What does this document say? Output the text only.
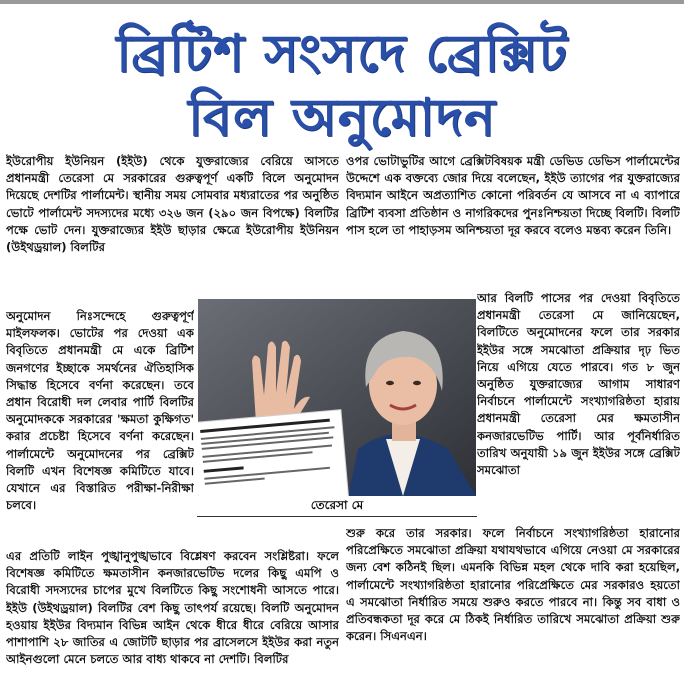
ব্রিটিশ সংসদে ব্রেক্সিট
বিল অনুমোদন

ইউরোপীয় ইউনিয়ন (ইইউ) থেকে যুক্তরাজ্যের বেরিয়ে আসতে প্রধানমন্ত্রী তেরেসা মে সরকারের গুরুত্বপূর্ণ একটি বিলে অনুমোদন দিয়েছে দেশটির পার্লামেন্ট। স্থানীয় সময় সোমবার মধ্যরাতের পর অনুষ্ঠিত ভোটে পার্লামেন্ট সদস্যদের মধ্যে ৩২৬ জন (২৯০ জন বিপক্ষে) বিলটির পক্ষে ভোট দেন। যুক্তরাজ্যের ইইউ ছাড়ার ক্ষেত্রে ইউরোপীয় ইউনিয়ন (উইথড্রয়াল) বিলটির

অনুমোদন নিঃসন্দেহে গুরুত্বপূর্ণ মাইলফলক। ভোটের পর দেওয়া এক বিবৃতিতে প্রধানমন্ত্রী মে একে ব্রিটিশ জনগণের ইচ্ছাকে সমর্থনের ঐতিহাসিক সিদ্ধান্ত হিসেবে বর্ণনা করেছেন। তবে প্রধান বিরোধী দল লেবার পার্টি বিলটির অনুমোদককে সরকারের 'ক্ষমতা কুক্ষিগত' করার প্রচেষ্টা হিসেবে বর্ণনা করেছেন। পার্লামেন্টে অনুমোদনের পর ব্রেক্সিট বিলটি এখন বিশেষজ্ঞ কমিটিতে যাবে। যেখানে এর বিস্তারিত পরীক্ষা-নিরীক্ষা চলবে।

এর প্রতিটি লাইন পুঙ্খানুপুঙ্খভাবে বিশ্লেষণ করবেন সংশ্লিষ্টরা। ফলে বিশেষজ্ঞ কমিটিতে ক্ষমতাসীন কনজারভেটিভ দলের কিছু এমপি ও বিরোধী সদস্যদের চাপের মুখে বিলটিতে কিছু সংশোধনী আসতে পারে। ইইউ (উইথড্রয়াল) বিলটির বেশ কিছু তাৎপর্য রয়েছে। বিলটি অনুমোদন হওয়ায় ইইউর বিদ্যমান বিভিন্ন আইন থেকে ধীরে ধীরে বেরিয়ে আসার পাশাপাশি ২৮ জাতির এ জোটটি ছাড়ার পর ব্রাসেলসে ইইউর করা নতুন আইনগুলো মেনে চলতে আর বাধ্য থাকবে না দেশটি। বিলটির

ওপর ভোটাভুটির আগে ব্রেক্সিটবিষয়ক মন্ত্রী ডেভিড ডেভিস পার্লামেন্টের উদ্দেশে এক বক্তব্যে জোর দিয়ে বলেছেন, ইইউ ত্যাগের পর যুক্তরাজ্যের বিদ্যমান আইনে অপ্রত্যাশিত কোনো পরিবর্তন যে আসবে না এ ব্যাপারে ব্রিটিশ ব্যবসা প্রতিষ্ঠান ও নাগরিকদের পুনঃনিশ্চয়তা দিচ্ছে বিলটি। বিলটি পাস হলে তা পাহাড়সম অনিশ্চয়তা দূর করবে বলেও মন্তব্য করেন তিনি।

আর বিলটি পাসের পর দেওয়া বিবৃতিতে প্রধানমন্ত্রী তেরেসা মে জানিয়েছেন, বিলটিতে অনুমোদনের ফলে তার সরকার ইইউর সঙ্গে সমঝোতা প্রক্রিয়ার দৃঢ় ভিত নিয়ে এগিয়ে যেতে পারবে। গত ৮ জুন অনুষ্ঠিত যুক্তরাজ্যের আগাম সাধারণ নির্বাচনে পার্লামেন্টে সংখ্যাগরিষ্ঠতা হারায় প্রধানমন্ত্রী তেরেসা মের ক্ষমতাসীন কনজারভেটিভ পার্টি। আর পূর্বনির্ধারিত তারিখ অনুযায়ী ১৯ জুন ইইউর সঙ্গে ব্রেক্সিট সমঝোতা

শুরু করে তার সরকার। ফলে নির্বাচনে সংখ্যাগরিষ্ঠতা হারানোর পরিপ্রেক্ষিতে সমঝোতা প্রক্রিয়া যথাযথভাবে এগিয়ে নেওয়া মে সরকারের জন্য বেশ কঠিনই ছিল। এমনকি বিভিন্ন মহল থেকে দাবি করা হয়েছিল, পার্লামেন্টে সংখ্যাগরিষ্ঠতা হারানোর পরিপ্রেক্ষিতে মের সরকারও হয়তো এ সমঝোতা নির্ধারিত সময়ে শুরুও করতে পারবে না। কিন্তু সব বাধা ও প্রতিবন্ধকতা দূর করে মে ঠিকই নির্ধারিত তারিখে সমঝোতা প্রক্রিয়া শুরু করেন। সিএনএন।

তেরেসা মে
